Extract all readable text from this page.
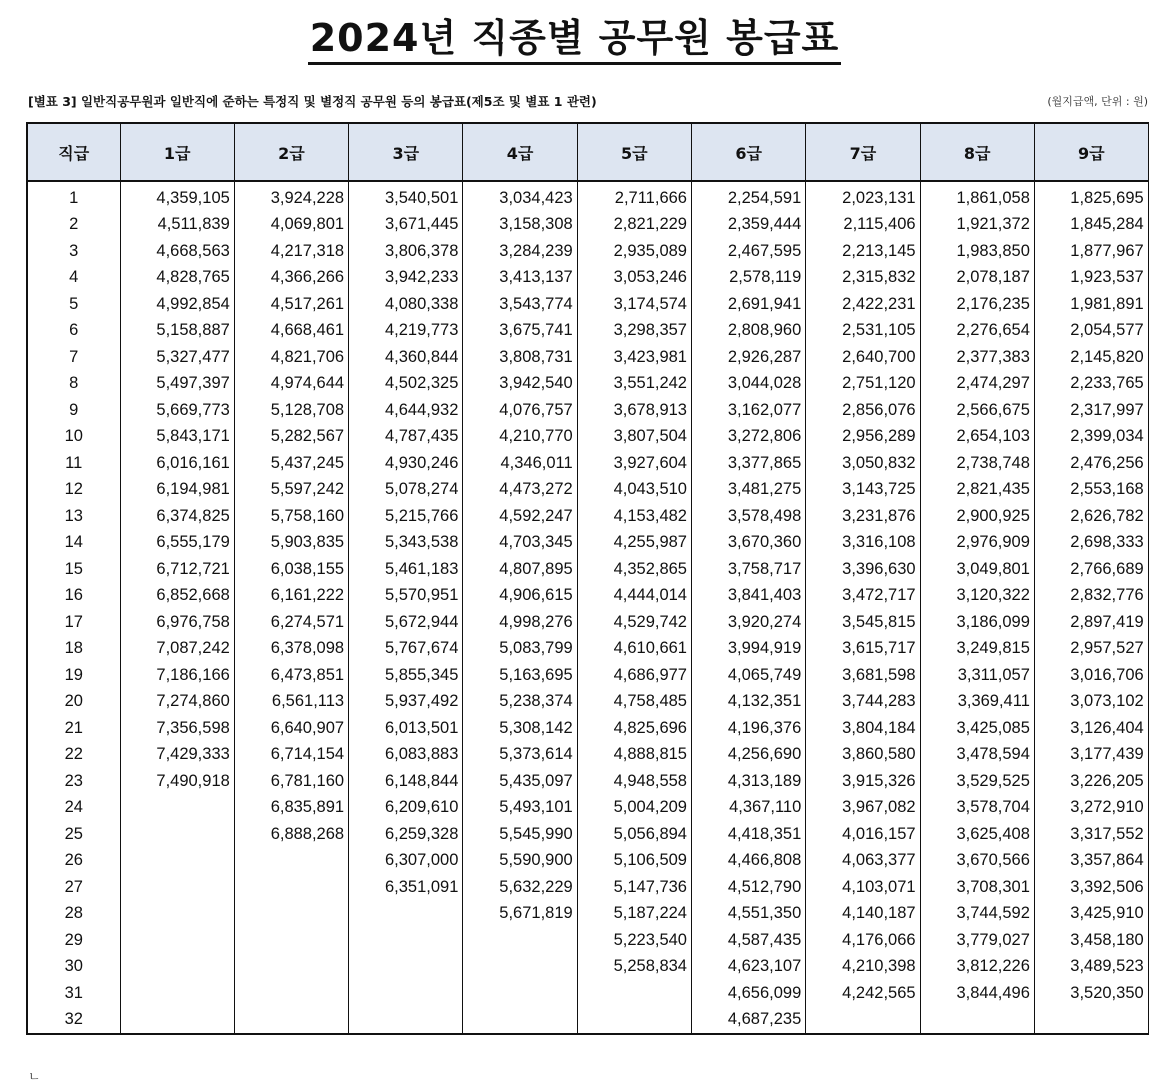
2024년 직종별 공무원 봉급표
[별표 3] 일반직공무원과 일반직에 준하는 특정직 및 별정직 공무원 등의 봉급표(제5조 및 별표 1 관련)	(월지급액, 단위 : 원)
직급	1급	2급	3급	4급	5급	6급	7급	8급	9급
1	4,359,105	3,924,228	3,540,501	3,034,423	2,711,666	2,254,591	2,023,131	1,861,058	1,825,695
2	4,511,839	4,069,801	3,671,445	3,158,308	2,821,229	2,359,444	2,115,406	1,921,372	1,845,284
3	4,668,563	4,217,318	3,806,378	3,284,239	2,935,089	2,467,595	2,213,145	1,983,850	1,877,967
4	4,828,765	4,366,266	3,942,233	3,413,137	3,053,246	2,578,119	2,315,832	2,078,187	1,923,537
5	4,992,854	4,517,261	4,080,338	3,543,774	3,174,574	2,691,941	2,422,231	2,176,235	1,981,891
6	5,158,887	4,668,461	4,219,773	3,675,741	3,298,357	2,808,960	2,531,105	2,276,654	2,054,577
7	5,327,477	4,821,706	4,360,844	3,808,731	3,423,981	2,926,287	2,640,700	2,377,383	2,145,820
8	5,497,397	4,974,644	4,502,325	3,942,540	3,551,242	3,044,028	2,751,120	2,474,297	2,233,765
9	5,669,773	5,128,708	4,644,932	4,076,757	3,678,913	3,162,077	2,856,076	2,566,675	2,317,997
10	5,843,171	5,282,567	4,787,435	4,210,770	3,807,504	3,272,806	2,956,289	2,654,103	2,399,034
11	6,016,161	5,437,245	4,930,246	4,346,011	3,927,604	3,377,865	3,050,832	2,738,748	2,476,256
12	6,194,981	5,597,242	5,078,274	4,473,272	4,043,510	3,481,275	3,143,725	2,821,435	2,553,168
13	6,374,825	5,758,160	5,215,766	4,592,247	4,153,482	3,578,498	3,231,876	2,900,925	2,626,782
14	6,555,179	5,903,835	5,343,538	4,703,345	4,255,987	3,670,360	3,316,108	2,976,909	2,698,333
15	6,712,721	6,038,155	5,461,183	4,807,895	4,352,865	3,758,717	3,396,630	3,049,801	2,766,689
16	6,852,668	6,161,222	5,570,951	4,906,615	4,444,014	3,841,403	3,472,717	3,120,322	2,832,776
17	6,976,758	6,274,571	5,672,944	4,998,276	4,529,742	3,920,274	3,545,815	3,186,099	2,897,419
18	7,087,242	6,378,098	5,767,674	5,083,799	4,610,661	3,994,919	3,615,717	3,249,815	2,957,527
19	7,186,166	6,473,851	5,855,345	5,163,695	4,686,977	4,065,749	3,681,598	3,311,057	3,016,706
20	7,274,860	6,561,113	5,937,492	5,238,374	4,758,485	4,132,351	3,744,283	3,369,411	3,073,102
21	7,356,598	6,640,907	6,013,501	5,308,142	4,825,696	4,196,376	3,804,184	3,425,085	3,126,404
22	7,429,333	6,714,154	6,083,883	5,373,614	4,888,815	4,256,690	3,860,580	3,478,594	3,177,439
23	7,490,918	6,781,160	6,148,844	5,435,097	4,948,558	4,313,189	3,915,326	3,529,525	3,226,205
24		6,835,891	6,209,610	5,493,101	5,004,209	4,367,110	3,967,082	3,578,704	3,272,910
25		6,888,268	6,259,328	5,545,990	5,056,894	4,418,351	4,016,157	3,625,408	3,317,552
26			6,307,000	5,590,900	5,106,509	4,466,808	4,063,377	3,670,566	3,357,864
27			6,351,091	5,632,229	5,147,736	4,512,790	4,103,071	3,708,301	3,392,506
28				5,671,819	5,187,224	4,551,350	4,140,187	3,744,592	3,425,910
29					5,223,540	4,587,435	4,176,066	3,779,027	3,458,180
30					5,258,834	4,623,107	4,210,398	3,812,226	3,489,523
31						4,656,099	4,242,565	3,844,496	3,520,350
32						4,687,235			
ㄴ
